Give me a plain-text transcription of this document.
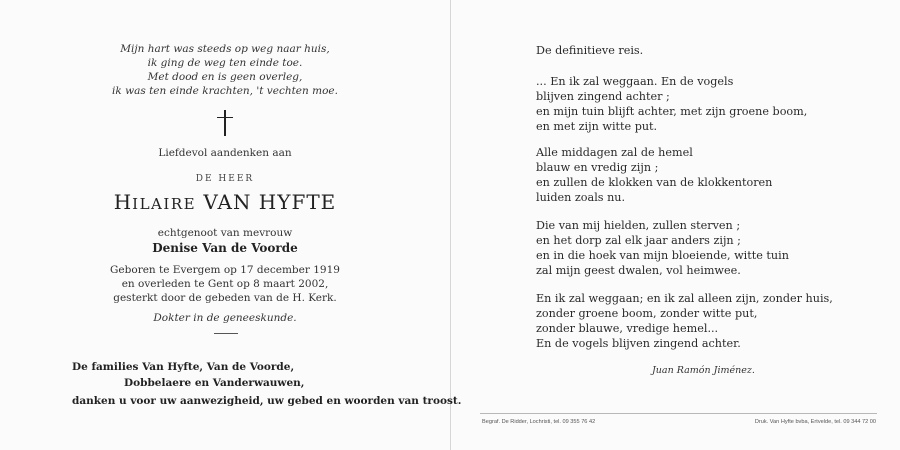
Mijn hart was steeds op weg naar huis,
ik ging de weg ten einde toe.
Met dood en is geen overleg,
ik was ten einde krachten, 't vechten moe.
Liefdevol aandenken aan
DE HEER
HILAIRE VAN HYFTE
echtgenoot van mevrouw
Denise Van de Voorde
Geboren te Evergem op 17 december 1919
en overleden te Gent op 8 maart 2002,
gesterkt door de gebeden van de H. Kerk.
Dokter in de geneeskunde.
De families Van Hyfte, Van de Voorde,
Dobbelaere en Vanderwauwen,
danken u voor uw aanwezigheid, uw gebed en woorden van troost.
De definitieve reis.
... En ik zal weggaan. En de vogels
blijven zingend achter ;
en mijn tuin blijft achter, met zijn groene boom,
en met zijn witte put.
Alle middagen zal de hemel
blauw en vredig zijn ;
en zullen de klokken van de klokkentoren
luiden zoals nu.
Die van mij hielden, zullen sterven ;
en het dorp zal elk jaar anders zijn ;
en in die hoek van mijn bloeiende, witte tuin
zal mijn geest dwalen, vol heimwee.
En ik zal weggaan; en ik zal alleen zijn, zonder huis,
zonder groene boom, zonder witte put,
zonder blauwe, vredige hemel...
En de vogels blijven zingend achter.
Juan Ramón Jiménez.
Begraf. De Ridder, Lochristi, tel. 09 355 76 42	Druk. Van Hyfte bvba, Ertvelde, tel. 09 344 72 00
